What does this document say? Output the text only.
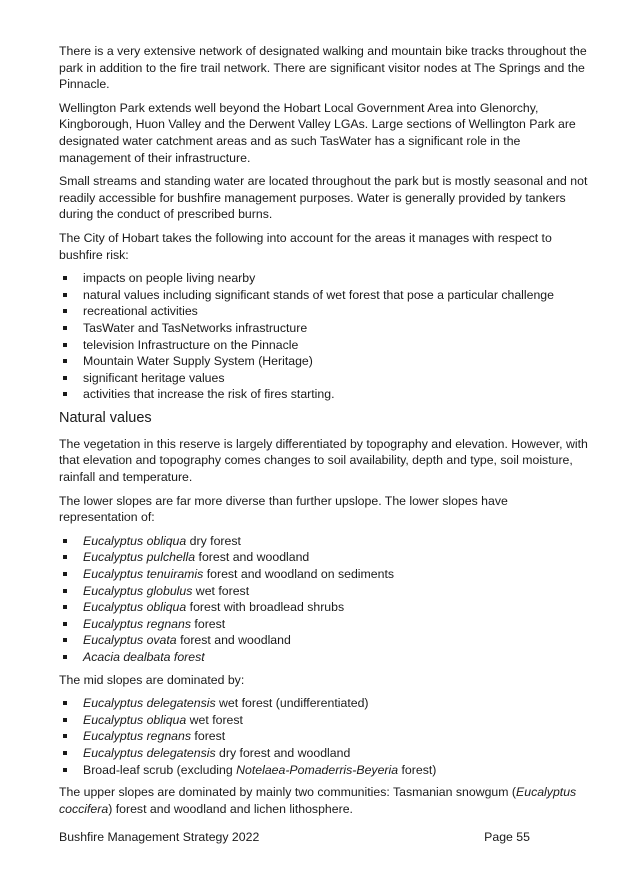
There is a very extensive network of designated walking and mountain bike tracks throughout the park in addition to the fire trail network. There are significant visitor nodes at The Springs and the Pinnacle.

Wellington Park extends well beyond the Hobart Local Government Area into Glenorchy, Kingborough, Huon Valley and the Derwent Valley LGAs. Large sections of Wellington Park are designated water catchment areas and as such TasWater has a significant role in the management of their infrastructure.

Small streams and standing water are located throughout the park but is mostly seasonal and not readily accessible for bushfire management purposes. Water is generally provided by tankers during the conduct of prescribed burns.

The City of Hobart takes the following into account for the areas it manages with respect to bushfire risk:

impacts on people living nearby
natural values including significant stands of wet forest that pose a particular challenge
recreational activities
TasWater and TasNetworks infrastructure
television Infrastructure on the Pinnacle
Mountain Water Supply System (Heritage)
significant heritage values
activities that increase the risk of fires starting.
Natural values

The vegetation in this reserve is largely differentiated by topography and elevation. However, with that elevation and topography comes changes to soil availability, depth and type, soil moisture, rainfall and temperature.

The lower slopes are far more diverse than further upslope. The lower slopes have representation of:

Eucalyptus obliqua dry forest
Eucalyptus pulchella forest and woodland
Eucalyptus tenuiramis forest and woodland on sediments
Eucalyptus globulus wet forest
Eucalyptus obliqua forest with broadlead shrubs
Eucalyptus regnans forest
Eucalyptus ovata forest and woodland
Acacia dealbata forest

The mid slopes are dominated by:

Eucalyptus delegatensis wet forest (undifferentiated)
Eucalyptus obliqua wet forest
Eucalyptus regnans forest
Eucalyptus delegatensis dry forest and woodland
Broad-leaf scrub (excluding Notelaea-Pomaderris-Beyeria forest)

The upper slopes are dominated by mainly two communities: Tasmanian snowgum (Eucalyptus coccifera) forest and woodland and lichen lithosphere.

Bushfire Management Strategy 2022	Page 55
